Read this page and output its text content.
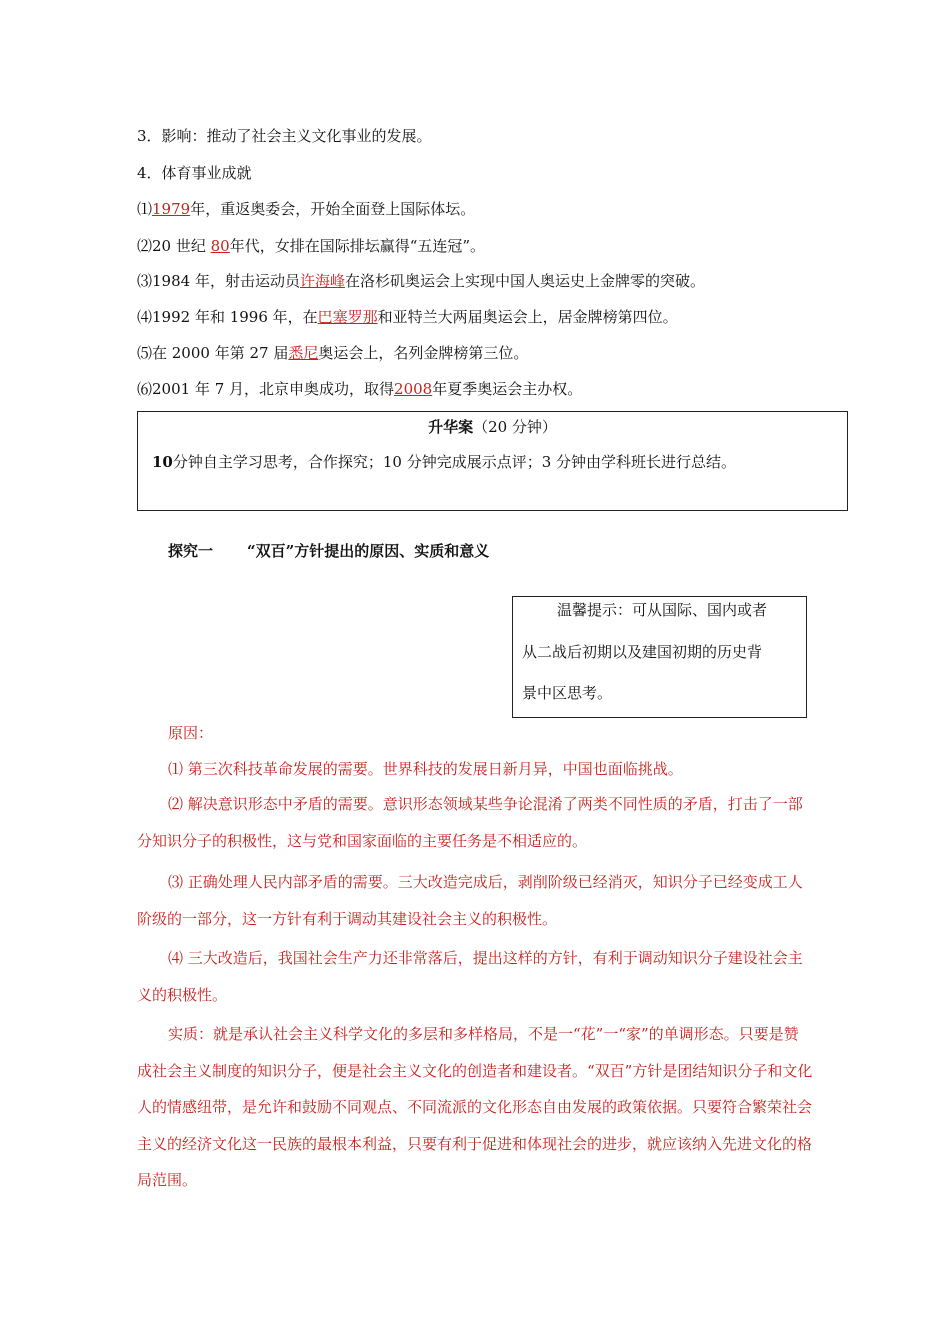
3．影响：推动了社会主义文化事业的发展。
4．体育事业成就
⑴1979年，重返奥委会，开始全面登上国际体坛。
⑵20 世纪 80年代，女排在国际排坛赢得“五连冠”。
⑶1984 年，射击运动员许海峰在洛杉矶奥运会上实现中国人奥运史上金牌零的突破。
⑷1992 年和 1996 年，在巴塞罗那和亚特兰大两届奥运会上，居金牌榜第四位。
⑸在 2000 年第 27 届悉尼奥运会上，名列金牌榜第三位。
⑹2001 年 7 月，北京申奥成功，取得2008年夏季奥运会主办权。
升华案（20 分钟）
10分钟自主学习思考，合作探究；10 分钟完成展示点评；3 分钟由学科班长进行总结。
探究一 “双百”方针提出的原因、实质和意义
温馨提示：可从国际、国内或者
从二战后初期以及建国初期的历史背
景中区思考。
原因：
⑴ 第三次科技革命发展的需要。世界科技的发展日新月异，中国也面临挑战。
⑵ 解决意识形态中矛盾的需要。意识形态领域某些争论混淆了两类不同性质的矛盾，打击了一部分知识分子的积极性，这与党和国家面临的主要任务是不相适应的。
⑶ 正确处理人民内部矛盾的需要。三大改造完成后，剥削阶级已经消灭，知识分子已经变成工人阶级的一部分，这一方针有利于调动其建设社会主义的积极性。
⑷ 三大改造后，我国社会生产力还非常落后，提出这样的方针，有利于调动知识分子建设社会主义的积极性。
实质：就是承认社会主义科学文化的多层和多样格局，不是一“花”一“家”的单调形态。只要是赞成社会主义制度的知识分子，便是社会主义文化的创造者和建设者。“双百”方针是团结知识分子和文化人的情感纽带，是允许和鼓励不同观点、不同流派的文化形态自由发展的政策依据。只要符合繁荣社会主义的经济文化这一民族的最根本利益，只要有利于促进和体现社会的进步，就应该纳入先进文化的格局范围。
